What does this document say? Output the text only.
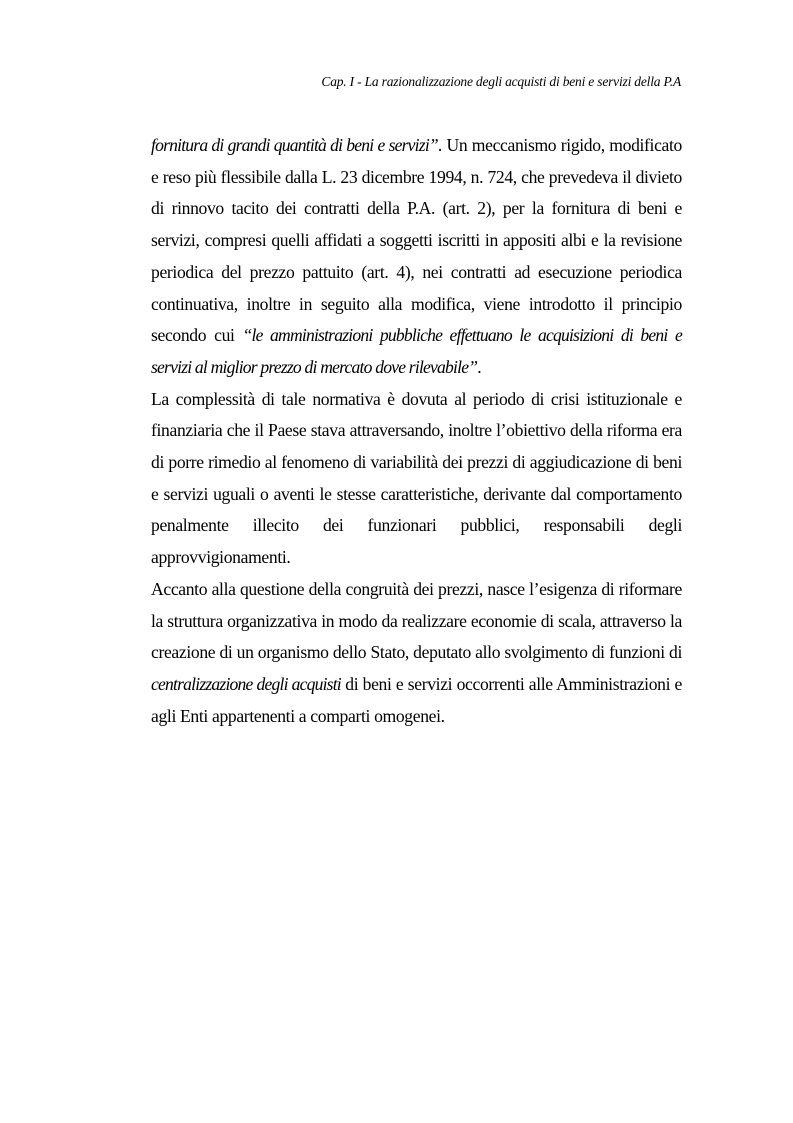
Cap. I - La razionalizzazione degli acquisti di beni e servizi della P.A

fornitura di grandi quantità di beni e servizi”. Un meccanismo rigido, modificato e reso più flessibile dalla L. 23 dicembre 1994, n. 724, che prevedeva il divieto di rinnovo tacito dei contratti della P.A. (art. 2), per la fornitura di beni e servizi, compresi quelli affidati a soggetti iscritti in appositi albi e la revisione periodica del prezzo pattuito (art. 4), nei contratti ad esecuzione periodica continuativa, inoltre in seguito alla modifica, viene introdotto il principio secondo cui “le amministrazioni pubbliche effettuano le acquisizioni di beni e servizi al miglior prezzo di mercato dove rilevabile”.

La complessità di tale normativa è dovuta al periodo di crisi istituzionale e finanziaria che il Paese stava attraversando, inoltre l’obiettivo della riforma era di porre rimedio al fenomeno di variabilità dei prezzi di aggiudicazione di beni e servizi uguali o aventi le stesse caratteristiche, derivante dal comportamento penalmente illecito dei funzionari pubblici, responsabili degli approvvigionamenti.

Accanto alla questione della congruità dei prezzi, nasce l’esigenza di riformare la struttura organizzativa in modo da realizzare economie di scala, attraverso la creazione di un organismo dello Stato, deputato allo svolgimento di funzioni di centralizzazione degli acquisti di beni e servizi occorrenti alle Amministrazioni e agli Enti appartenenti a comparti omogenei.
